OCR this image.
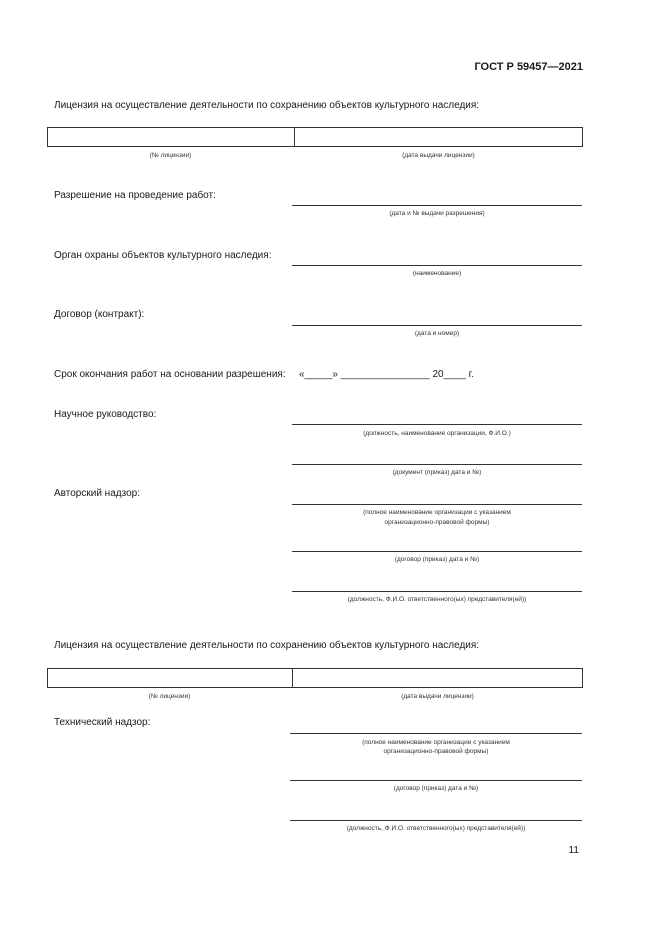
ГОСТ Р 59457—2021
Лицензия на осуществление деятельности по сохранению объектов культурного наследия:
(№ лицензии)	(дата выдачи лицензии)
Разрешение на проведение работ:
(дата и № выдачи разрешения)
Орган охраны объектов культурного наследия:
(наименование)
Договор (контракт):
(дата и номер)
Срок окончания работ на основании разрешения: «_____» ________________ 20____ г.
Научное руководство:
(должность, наименование организации, Ф.И.О.)
(документ (приказ) дата и №)
Авторский надзор:
(полное наименование организации с указанием
организационно-правовой формы)
(договор (приказ) дата и №)
(должность, Ф.И.О. ответственного(ых) представителя(ей))
Лицензия на осуществление деятельности по сохранению объектов культурного наследия:
(№ лицензии)	(дата выдачи лицензии)
Технический надзор:
(полное наименование организации с указанием
организационно-правовой формы)
(договор (приказ) дата и №)
(должность, Ф.И.О. ответственного(ых) представителя(ей))
11
